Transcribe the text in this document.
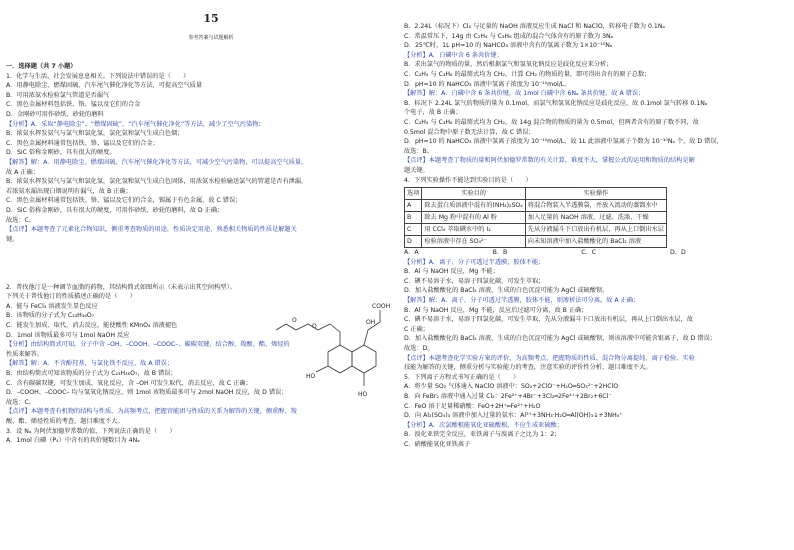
15
参考答案与试题解析
一．选择题（共 7 小题）
1．化学与生活、社会发展息息相关。下列说法中错误的是（　　）
A．用静电除尘、燃煤固硫、汽车尾气催化净化等方法，可提高空气质量
B．可用浓氨水检验氯气管道是否漏气
C．黑色金属材料包括铁、铬、锰以及它们的合金
D．金刚砂可用作砂纸、砂轮的磨料
【分析】A．采取“静电除尘”、“燃煤固硫”、“汽车尾气催化净化”等方法，减少了空气污染物；
B．浓氨水挥发氨气与氯气和氯化氢，氯化氨和氯气生成白色烟；
C．黑色金属材料通常包括铁、铬、锰以及它们的合金；
D．SiC 俗称金刚砂，具有很大的硬度。
【解答】解：A．用静电除尘、燃煤固硫、汽车尾气催化净化等方法，可减少空气污染物，可以提高空气质量，
故 A 正确；
B．浓氨水挥发氨气与氯气和氯化氢，氯化氢和氨气生成白色固体，用浓氨水检验输送氯气的管道是否有泄漏，
若浓氨水漏出现白烟说明有漏气，故 B 正确；
C．黑色金属材料通常包括铁、铬、锰以及它们的合金，锡属于有色金属，故 C 错误；
D．SiC 俗称金刚砂，具有很大的硬度，可用作砂纸、砂轮的磨料，故 D 正确；
故选：C。
【点评】本题考查了元素化合物知识，侧重考查物质的用途，性质决定用途，熟悉相关物质的性质是解题关
键。
2．普伐他汀是一种调节血脂的药物，其结构简式如图所示（未表示出其空间构型）。
下列关于普伐他汀的性质描述正确的是（　　）
A．能与 FeCl₃ 溶液发生显色反应
B．该物质的分子式为 C₂₃H₃₆O₇
C．能发生加成、取代、消去反应，能使酸性 KMnO₄ 溶液褪色
D．1mol 该物质最多可与 1mol NaOH 反应
【分析】由结构简式可知，分子中含 –OH、–COOH、–COOC–、碳碳双键，结合醇、羧酸、酯、烯烃的
性质来解答。
【解答】解：A．不含酚羟基，与氯化铁不反应，故 A 错误；
B．由结构简式可知该物质的分子式为 C₂₃H₃₆O₇，故 B 错误；
C．含有碳碳双键，可发生加成、氧化反应，含 –OH 可发生取代、消去反应，故 C 正确；
D．–COOH、–COOC– 均与氢氧化钠反应，则 1mol 该物质最多可与 2mol NaOH 反应，故 D 错误；
故选：C。
【点评】本题考查有机物的结构与性质，为高频考点，把握官能团与性质的关系为解答的关键，侧重醇、羧
酸、酯、烯烃性质的考查，题目难度不大。
3．设 Nₐ 为阿伏加德罗常数的值，下列说法正确的是（　　）
A．1mol 白磷（P₄）中含有的共价键数目为 4Nₐ
HO
O	OH
O
HO
COOH
B．2.24L（标况下）Cl₂ 与足量的 NaOH 溶液反应生成 NaCl 和 NaClO，转移电子数为 0.1Nₐ
C．常温常压下，14g 由 C₂H₄ 与 C₃H₆ 组成的混合气体含有的原子数为 3Nₐ
D．25℃时，1L pH=10 的 NaHCO₃ 溶液中含有的氢离子数为 1×10⁻¹⁰Nₐ
【分析】A．白磷中含 6 条共价键；
B．求出氯气的物质的量，然后根据氯气和氢氧化钠反应是歧化反应来分析；
C．C₂H₄ 与 C₃H₆ 的最简式均为 CH₂，计算 CH₂ 的物质的量，即可得出含有的原子总数；
D．pH=10 的 NaHCO₃ 溶液中氢离子浓度为 10⁻¹⁰mol/L。
【解答】解：A．白磷中含 6 条共价键，故 1mol 白磷中含 6Nₐ 条共价键，故 A 错误；
B．标况下 2.24L 氯气的物质的量为 0.1mol，而氯气和氢氧化钠反应是歧化反应，故 0.1mol 氯气转移 0.1Nₐ
个电子，故 B 正确；
C．C₂H₄ 与 C₃H₆ 的最简式均为 CH₂，故 14g 混合物的物质的量为 0.5mol，但两者含有的原子数不同，故
0.5mol 混合物中原子数无法计算，故 C 错误；
D．pH=10 的 NaHCO₃ 溶液中氢离子浓度为 10⁻¹⁰mol/L，故 1L 此溶液中氢离子个数为 10⁻¹⁰Nₐ 个，故 D 错误，
故选：B。
【点评】本题考查了物质的量和阿伏加德罗常数的有关计算，难度不大，掌握公式的运用和物质的结构是解
题关键。
4．下列实验操作不能达到实验目的是（　　）
选项	实验目的	实验操作
A	除去蛋白质溶液中混有的(NH₄)₂SO₄	将混合物装入半透膜袋，并放入流动的蒸馏水中
B	除去 Mg 粉中混有的 Al 粉	加入足量的 NaOH 溶液，过滤、洗涤、干燥
C	用 CCl₄ 萃取碘水中的 I₂	先从分液漏斗下口放出有机层，再从上口倒出水层
D	检验溶液中存在 SO₄²⁻	向未知溶液中加入盐酸酸化的 BaCl₂ 溶液
A．A	B．B	C．C	D．D
【分析】A．离子、分子可透过半透膜，胶体不能；
B．Al 与 NaOH 反应，Mg 不能；
C．碘不易溶于水，易溶于四氯化碳，可发生萃取；
D．加入盐酸酸化的 BaCl₂ 溶液，生成的白色沉淀可能为 AgCl 或硫酸钡。
【解答】解：A．离子、分子可透过半透膜，胶体不能，则渗析法可分离，故 A 正确；
B．Al 与 NaOH 反应，Mg 不能，反应后过滤可分离，故 B 正确；
C．碘不易溶于水，易溶于四氯化碳，可发生萃取，先从分液漏斗下口放出有机层，再从上口倒出水层，故
C 正确；
D．加入盐酸酸化的 BaCl₂ 溶液，生成的白色沉淀可能为 AgCl 或硫酸钡，则该溶液中可能含银离子，故 D 错误；
故选：D。
【点评】本题考查化学实验方案的评价，为高频考点，把握物质的性质、混合物分离提纯、离子检验、实验
技能为解答的关键，侧重分析与实验能力的考查，注意实验的评价性分析，题目难度不大。
5．下列离子方程式书写正确的是（　　）
A．将少量 SO₂ 气体通入 NaClO 溶液中：SO₂+2ClO⁻+H₂O═SO₃²⁻+2HClO
B．向 FeBr₂ 溶液中通入过量 Cl₂：2Fe²⁺+4Br⁻+3Cl₂═2Fe³⁺+2Br₂+6Cl⁻
C．FeO 溶于足量稀硝酸：FeO+2H⁺═Fe²⁺+H₂O
D．向 Al₂(SO₄)₃ 溶液中加入过量的氨水：Al³⁺+3NH₃·H₂O═Al(OH)₃↓+3NH₄⁺
【分析】A．次氯酸根能氧化亚硫酸根，不应生成亚硫酸；
B．溴化亚铁完全反应，亚铁离子与溴离子之比为 1：2；
C．硝酸能氧化亚铁离子
